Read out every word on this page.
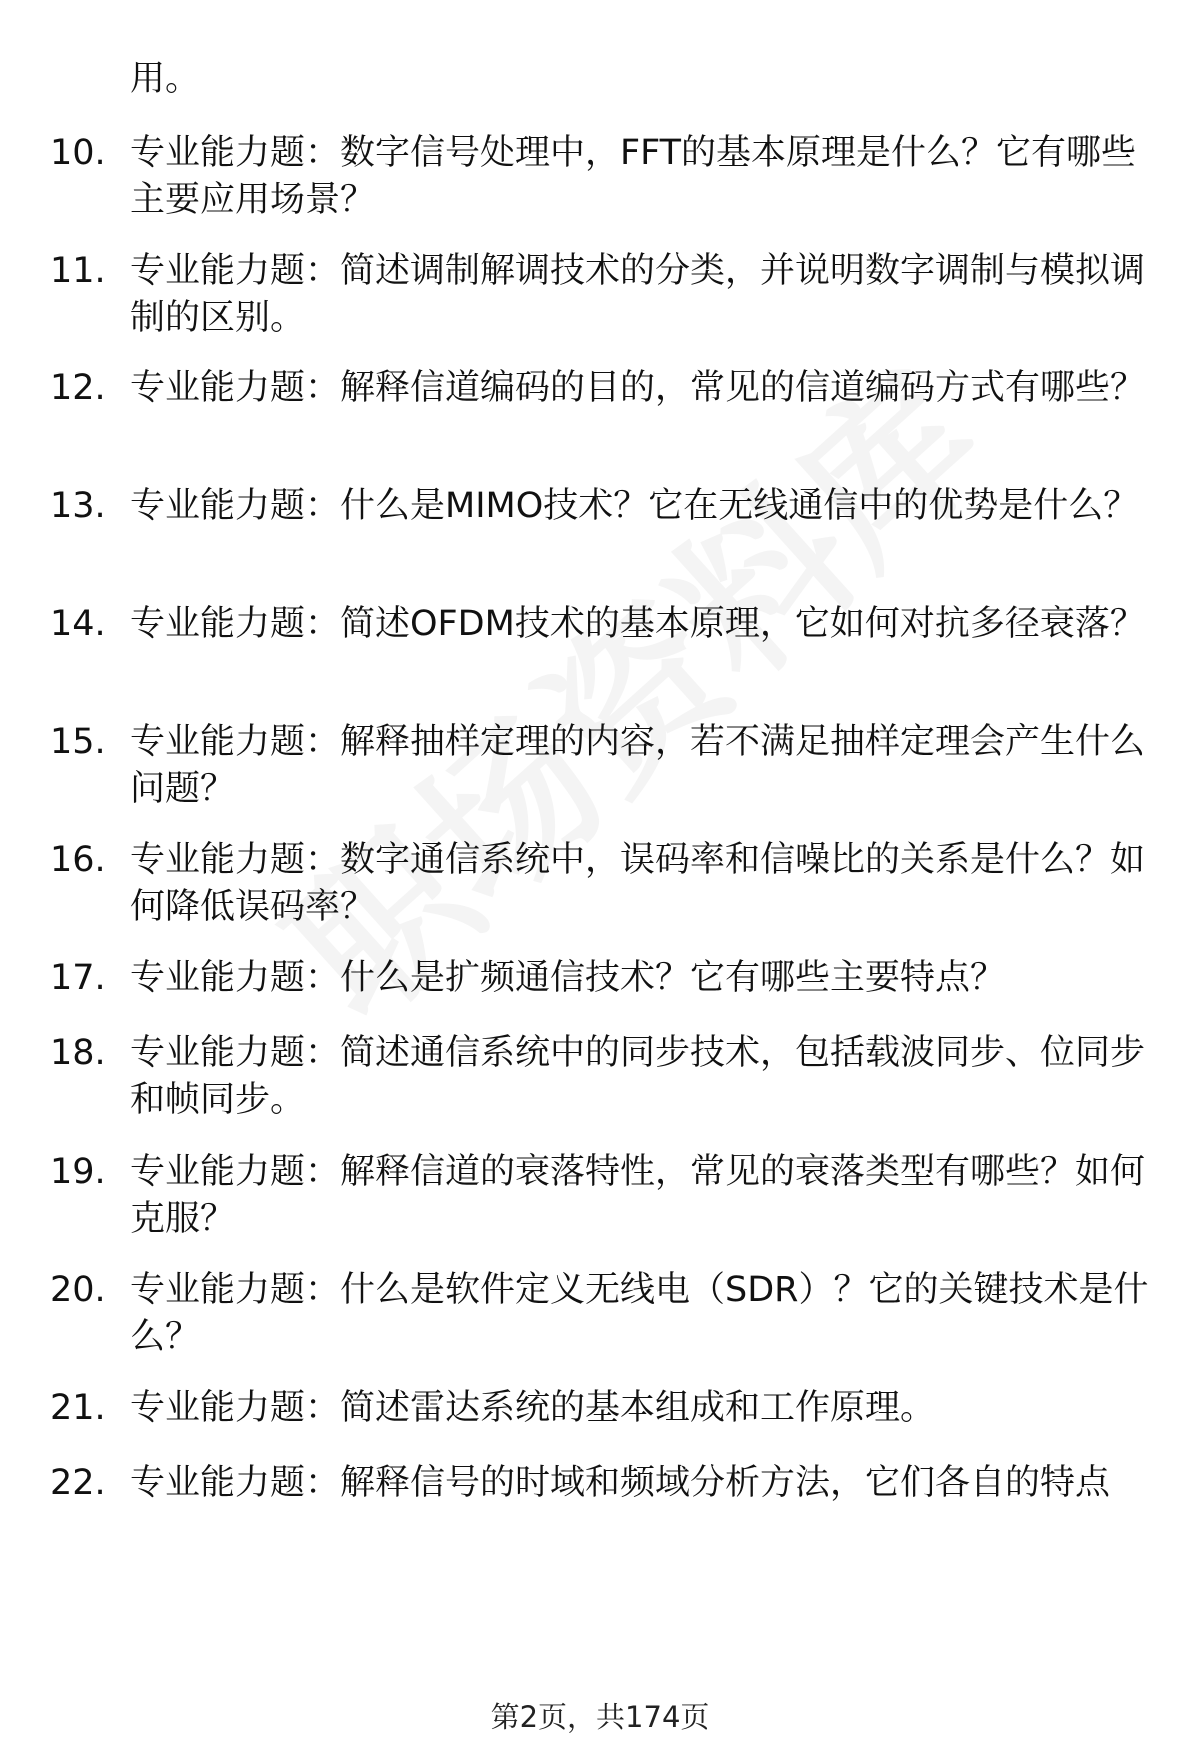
用。
10. 专业能力题：数字信号处理中，FFT的基本原理是什么？它有哪些主要应用场景？
11. 专业能力题：简述调制解调技术的分类，并说明数字调制与模拟调制的区别。
12. 专业能力题：解释信道编码的目的，常见的信道编码方式有哪些？
13. 专业能力题：什么是MIMO技术？它在无线通信中的优势是什么？
14. 专业能力题：简述OFDM技术的基本原理，它如何对抗多径衰落？
15. 专业能力题：解释抽样定理的内容，若不满足抽样定理会产生什么问题？
16. 专业能力题：数字通信系统中，误码率和信噪比的关系是什么？如何降低误码率？
17. 专业能力题：什么是扩频通信技术？它有哪些主要特点？
18. 专业能力题：简述通信系统中的同步技术，包括载波同步、位同步和帧同步。
19. 专业能力题：解释信道的衰落特性，常见的衰落类型有哪些？如何克服？
20. 专业能力题：什么是软件定义无线电（SDR）？它的关键技术是什么？
21. 专业能力题：简述雷达系统的基本组成和工作原理。
22. 专业能力题：解释信号的时域和频域分析方法，它们各自的特点
第2页，共174页
